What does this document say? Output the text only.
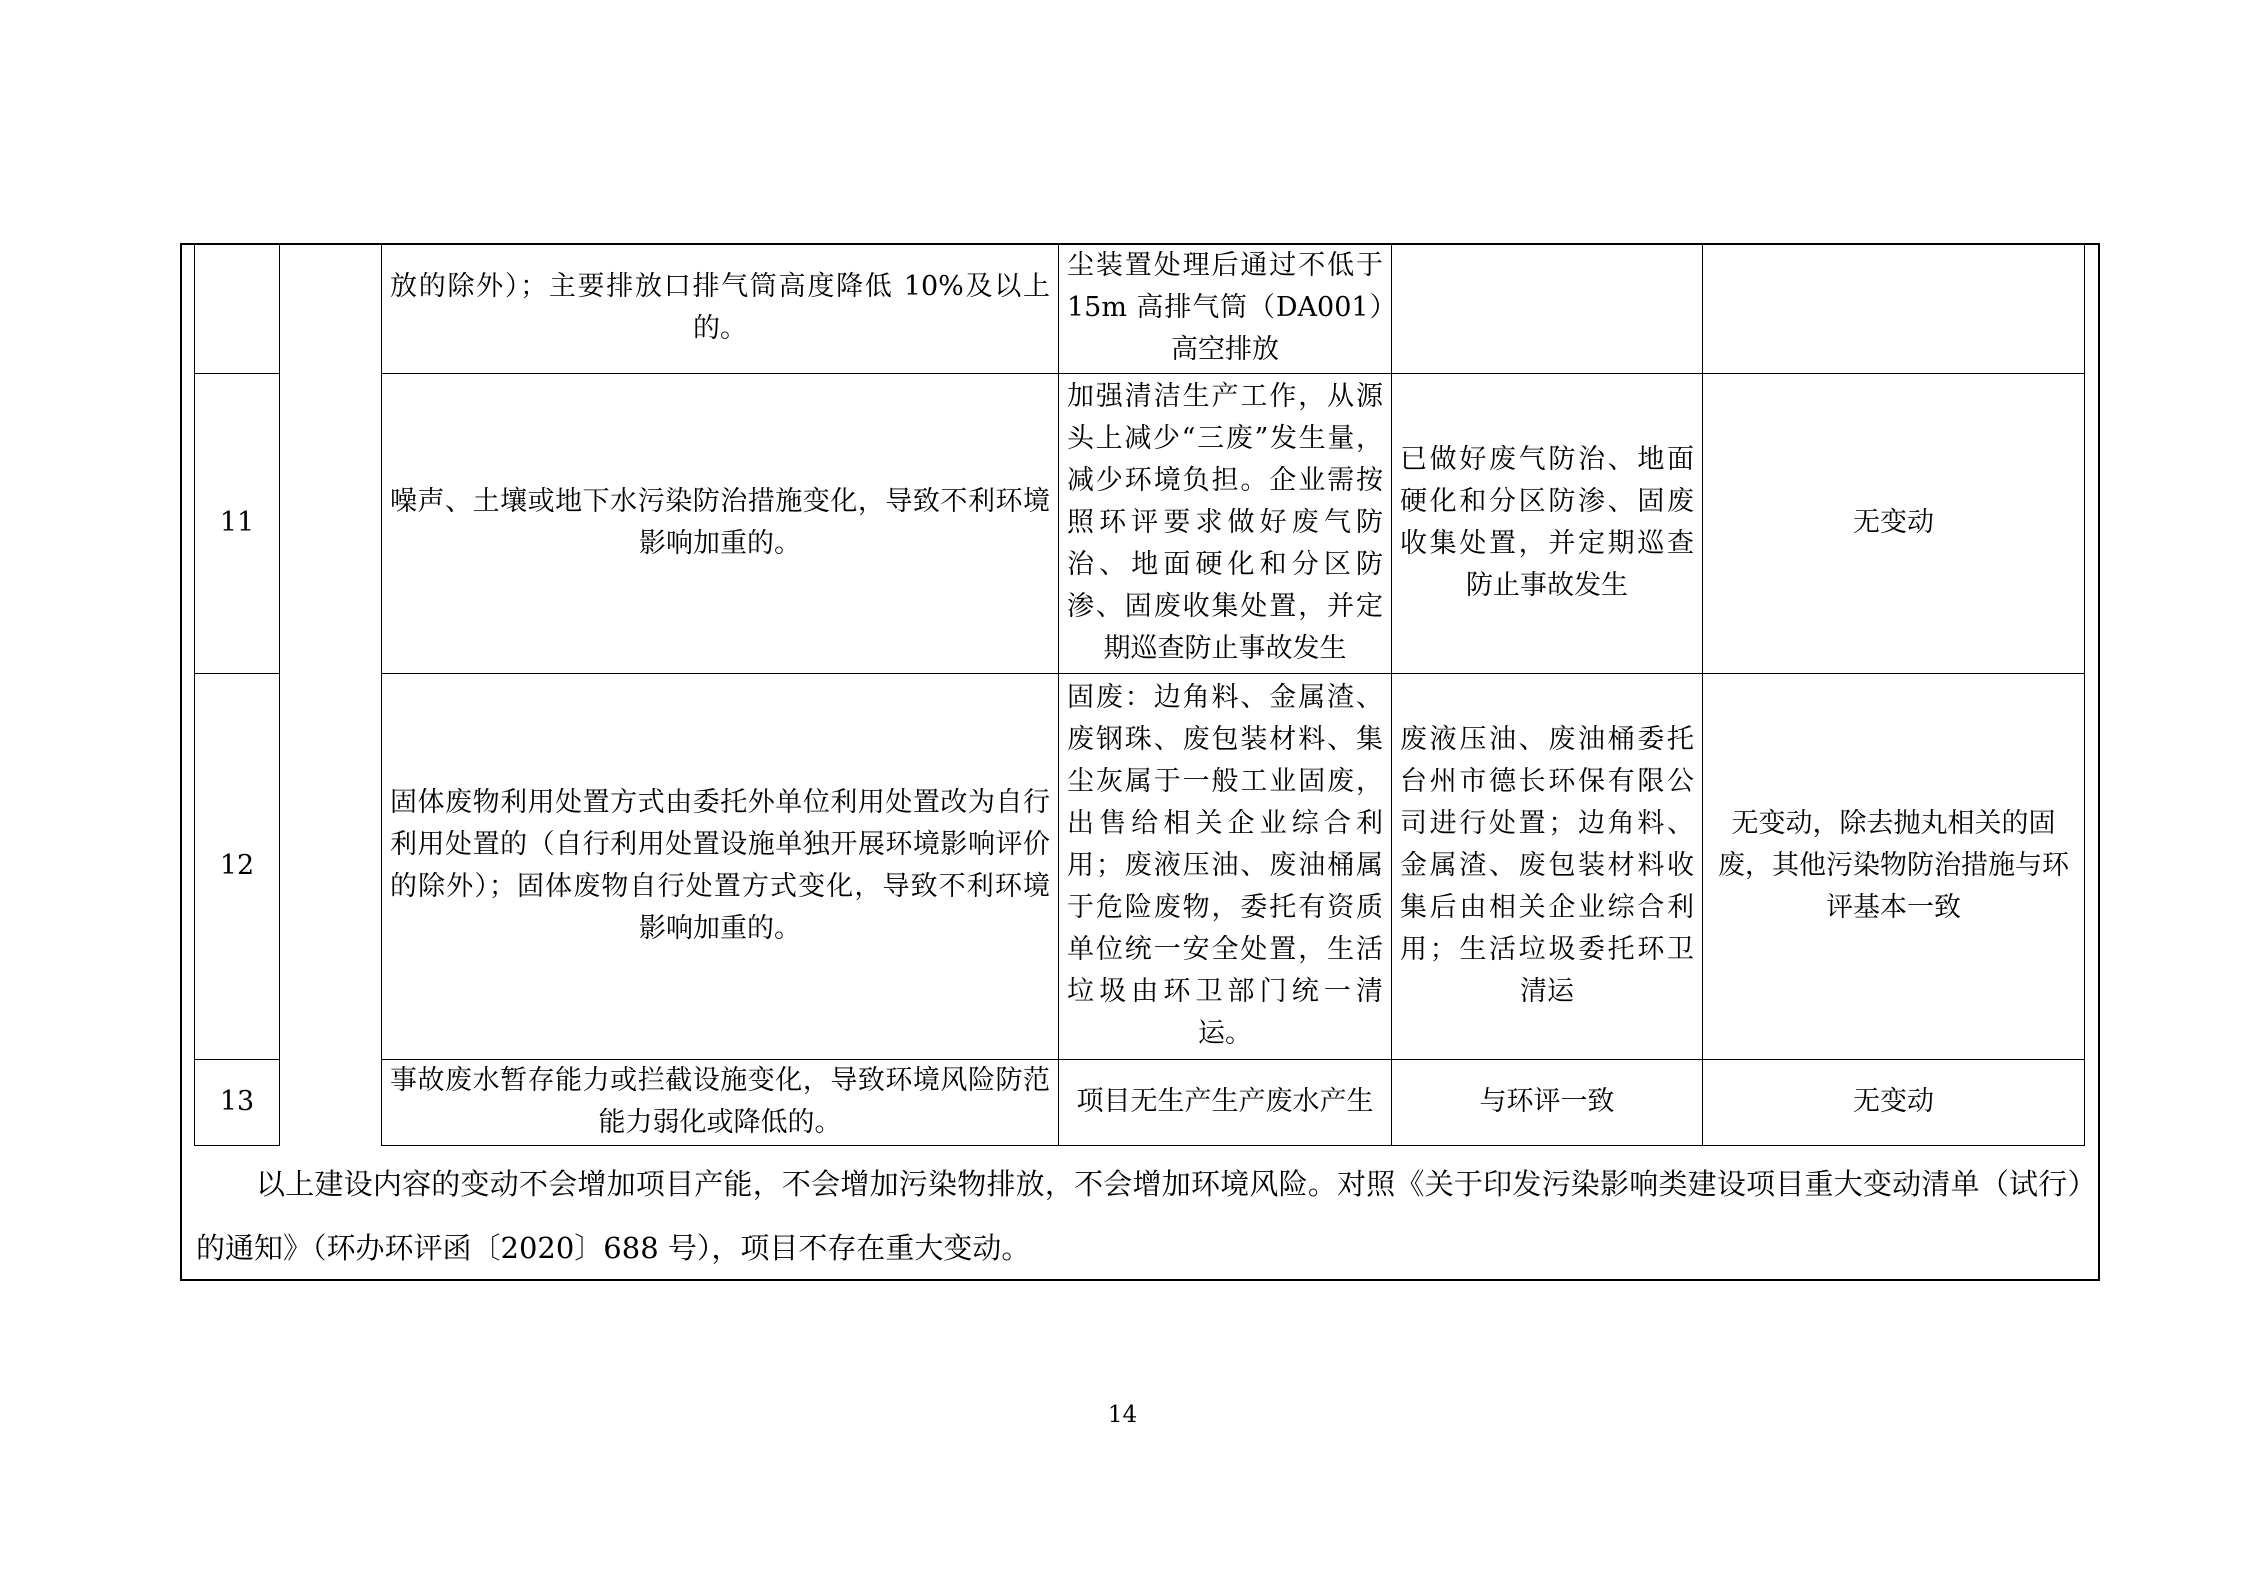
		放的除外）；主要排放口排气筒高度降低 10%及以上的。	尘装置处理后通过不低于 15m 高排气筒（DA001）高空排放		
11		噪声、土壤或地下水污染防治措施变化，导致不利环境影响加重的。	加强清洁生产工作，从源头上减少“三废”发生量，减少环境负担。企业需按照环评要求做好废气防治、地面硬化和分区防渗、固废收集处置，并定期巡查防止事故发生	已做好废气防治、地面硬化和分区防渗、固废收集处置，并定期巡查防止事故发生	无变动
12		固体废物利用处置方式由委托外单位利用处置改为自行利用处置的（自行利用处置设施单独开展环境影响评价的除外）；固体废物自行处置方式变化，导致不利环境影响加重的。	固废：边角料、金属渣、废钢珠、废包装材料、集尘灰属于一般工业固废，出售给相关企业综合利用；废液压油、废油桶属于危险废物，委托有资质单位统一安全处置，生活垃圾由环卫部门统一清运。	废液压油、废油桶委托台州市德长环保有限公司进行处置；边角料、金属渣、废包装材料收集后由相关企业综合利用；生活垃圾委托环卫清运	无变动，除去抛丸相关的固废，其他污染物防治措施与环评基本一致
13		事故废水暂存能力或拦截设施变化，导致环境风险防范能力弱化或降低的。	项目无生产生产废水产生	与环评一致	无变动

以上建设内容的变动不会增加项目产能，不会增加污染物排放，不会增加环境风险。对照《关于印发污染影响类建设项目重大变动清单（试行）的通知》（环办环评函〔2020〕688 号），项目不存在重大变动。

14
